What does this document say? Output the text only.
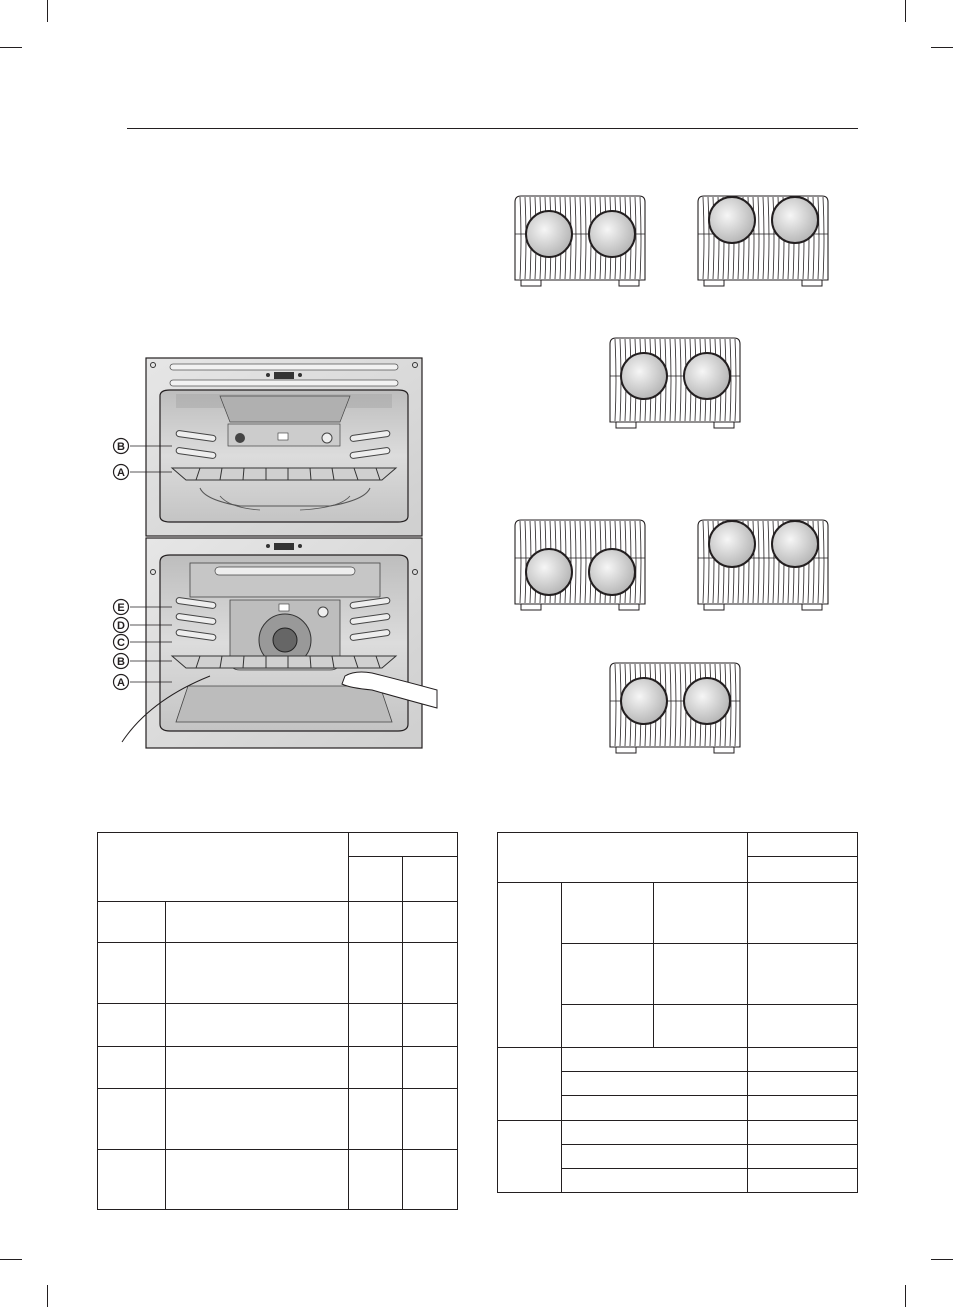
B
A
E
D
C
B
A
